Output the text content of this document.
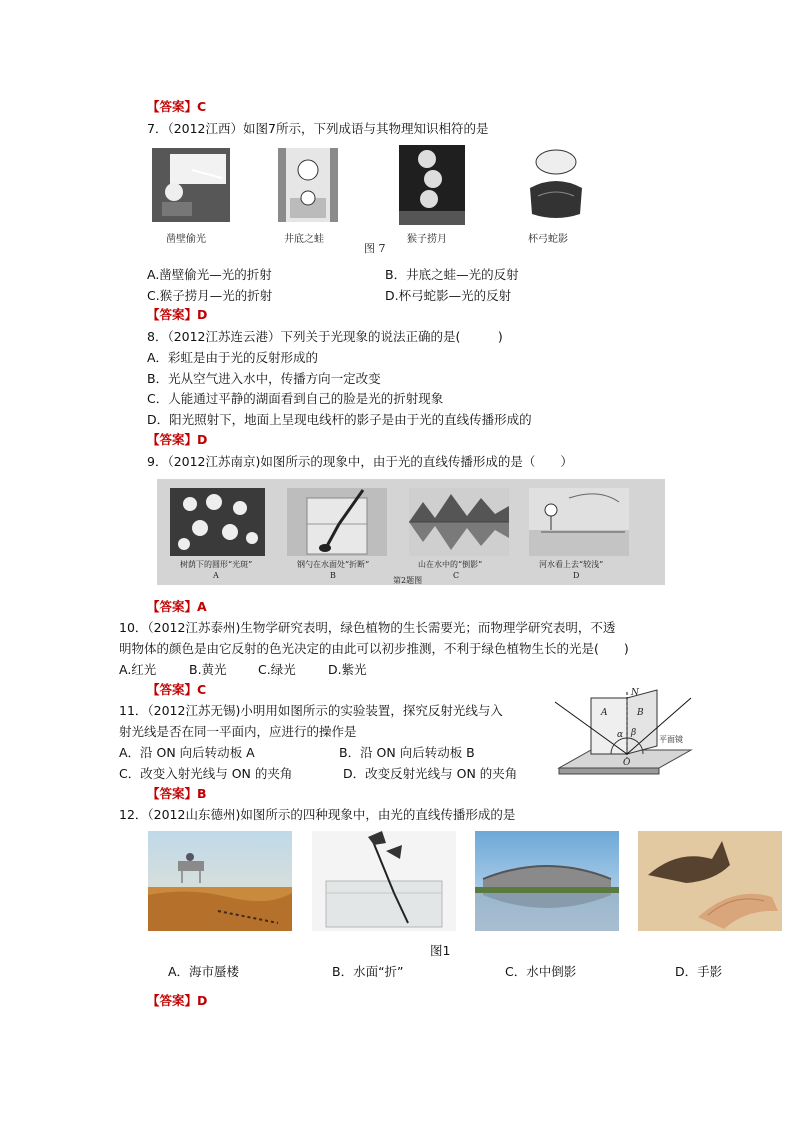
【答案】C
7．（2012江西）如图7所示，下列成语与其物理知识相符的是
凿壁偷光	井底之蛙	猴子捞月	杯弓蛇影
图 7
A.凿壁偷光—光的折射	B．井底之蛙—光的反射
C.猴子捞月—光的折射	D.杯弓蛇影—光的反射
【答案】D
8．（2012江苏连云港）下列关于光现象的说法正确的是(　　　)
A．彩虹是由于光的反射形成的
B．光从空气进入水中，传播方向一定改变
C．人能通过平静的湖面看到自己的脸是光的折射现象
D．阳光照射下，地面上呈现电线杆的影子是由于光的直线传播形成的
【答案】D
9．（2012江苏南京)如图所示的现象中，由于光的直线传播形成的是（　　）
树荫下的圆形“光斑”	钢勺在水面处“折断”	山在水中的“倒影”	河水看上去“较浅”
A	B	C	D
第2题图
【答案】A
10．（2012江苏泰州)生物学研究表明，绿色植物的生长需要光；而物理学研究表明，不透
明物体的颜色是由它反射的色光决定的由此可以初步推测，不利于绿色植物生长的光是(　　)
A.红光	B.黄光	C.绿光	D.紫光
【答案】C
11．（2012江苏无锡)小明用如图所示的实验装置，探究反射光线与入
射光线是否在同一平面内，应进行的操作是
A．沿 ON 向后转动板 A	B．沿 ON 向后转动板 B
C．改变入射光线与 ON 的夹角	D．改变反射光线与 ON 的夹角
N
A	B
α β
O
平面镜
【答案】B
12．（2012山东德州)如图所示的四种现象中，由光的直线传播形成的是
图1
A．海市蜃楼	B．水面“折”	C．水中倒影	D．手影
【答案】D
